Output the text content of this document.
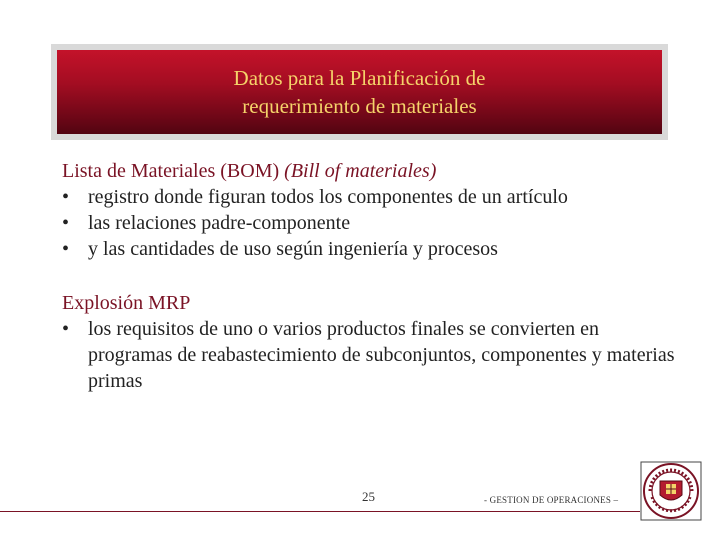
Datos para la Planificación de
requerimiento de materiales

Lista de Materiales (BOM) (Bill of materiales)

• registro donde figuran todos los componentes de un artículo
• las relaciones padre-componente
• y las cantidades de uso según ingeniería y procesos

Explosión MRP

• los requisitos de uno o varios productos finales se convierten en programas de reabastecimiento de subconjuntos, componentes y materias primas
25	- GESTION DE OPERACIONES –
